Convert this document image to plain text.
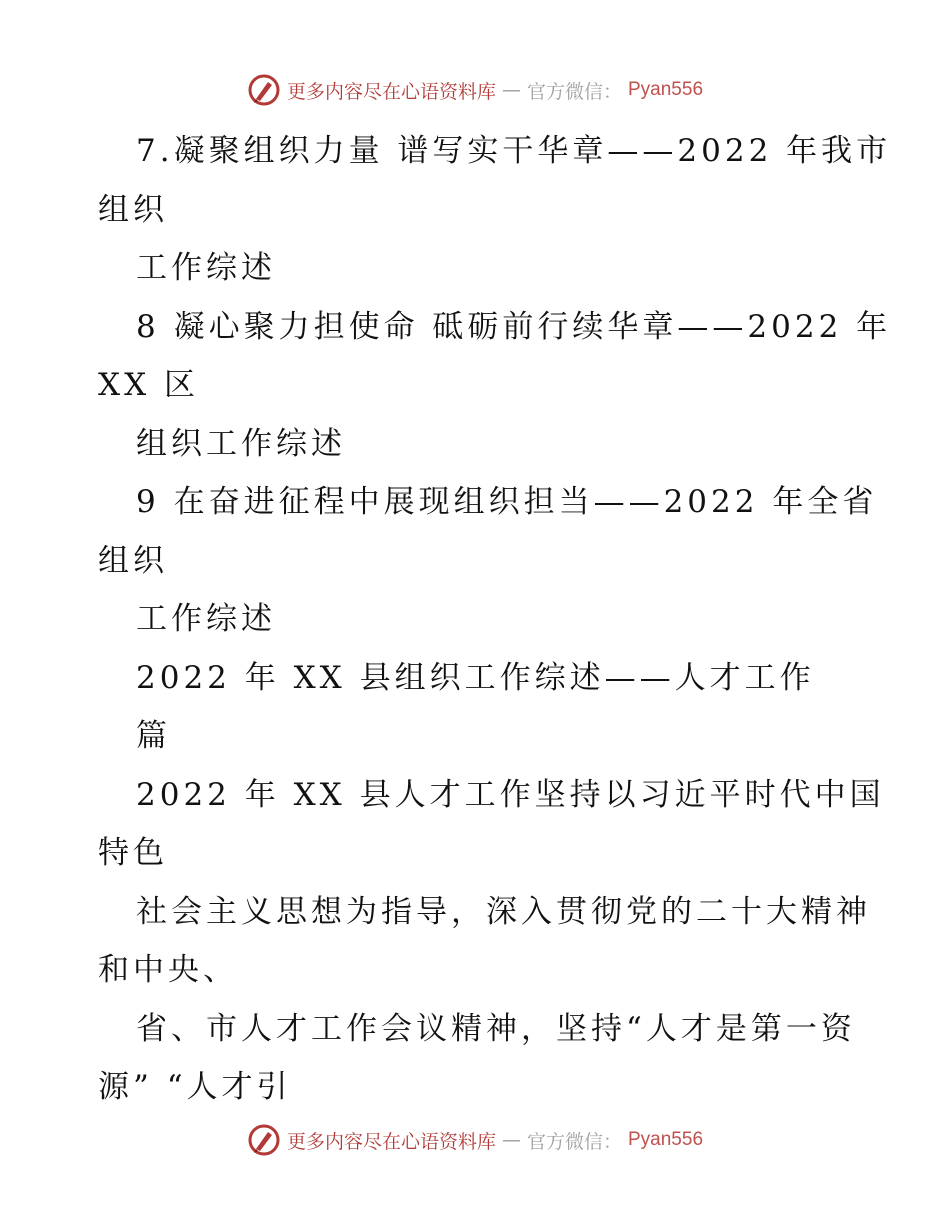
更多内容尽在心语资料库 — 官方微信： Pyan556
7.凝聚组织力量 谱写实干华章——2022 年我市
组织
工作综述
8 凝心聚力担使命 砥砺前行续华章——2022 年
XX 区
组织工作综述
9 在奋进征程中展现组织担当——2022 年全省
组织
工作综述
2022 年 XX 县组织工作综述——人才工作
篇
2022 年 XX 县人才工作坚持以习近平时代中国
特色
社会主义思想为指导，深入贯彻党的二十大精神
和中央、
省、市人才工作会议精神，坚持“人才是第一资
源” “人才引
更多内容尽在心语资料库 — 官方微信： Pyan556
